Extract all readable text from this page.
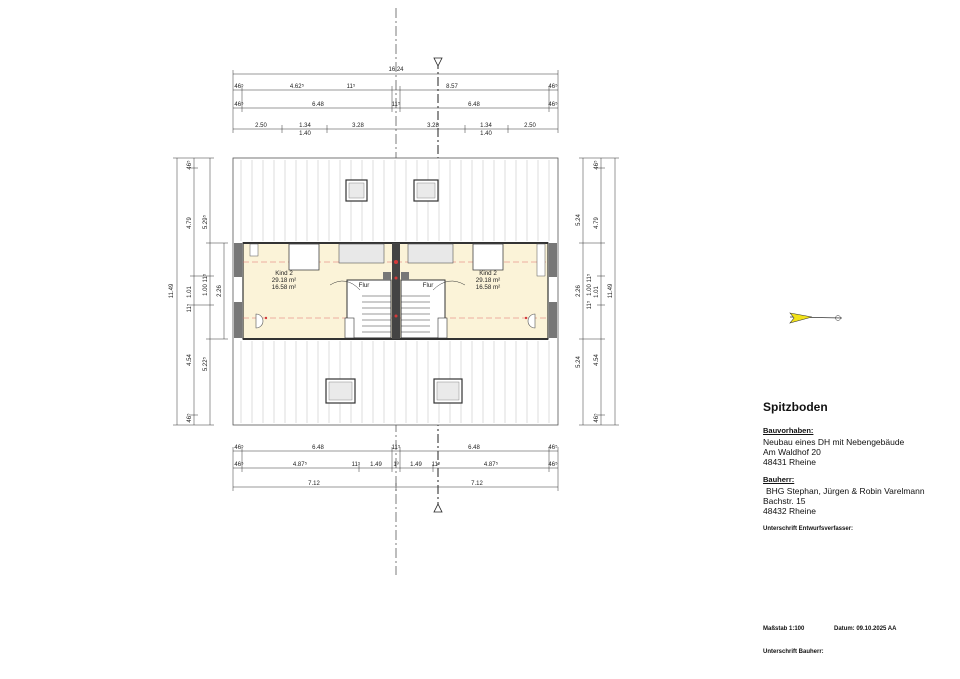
16.24
46⁵	4.62⁵	11⁵	8.57	46⁵
46⁵	6.48	11⁵	6.48	46⁵
2.50	1.34	3.28	3.28	1.34	2.50
1.40	1.40
Kind 2
29.18 m²
16.58 m²
Kind 2
29.18 m²
16.58 m²
Flur	Flur
11.49
46⁵
4.79
1.01
4.54
46⁵
5.29⁵
1.00
5.22⁵
11⁵
11⁵
2.26	11.49
5.24
2.26
5.24
46⁵
4.79
1.01
4.54
46⁵
1.00
11⁵
11⁵
46⁵	6.48	11⁵	6.48	46⁵
46⁵	4.87⁵	11⁵ 1.49 1³ 1.49 11⁵	4.87⁵	46⁵
7.12	7.12
Spitzboden
Bauvorhaben:
Neubau eines DH mit Nebengebäude
Am Waldhof 20
48431 Rheine
Bauherr:
BHG Stephan, Jürgen & Robin Varelmann
Bachstr. 15
48432 Rheine
Unterschrift Entwurfsverfasser:
Maßstab 1:100	Datum: 09.10.2025 AA
Unterschrift Bauherr:
